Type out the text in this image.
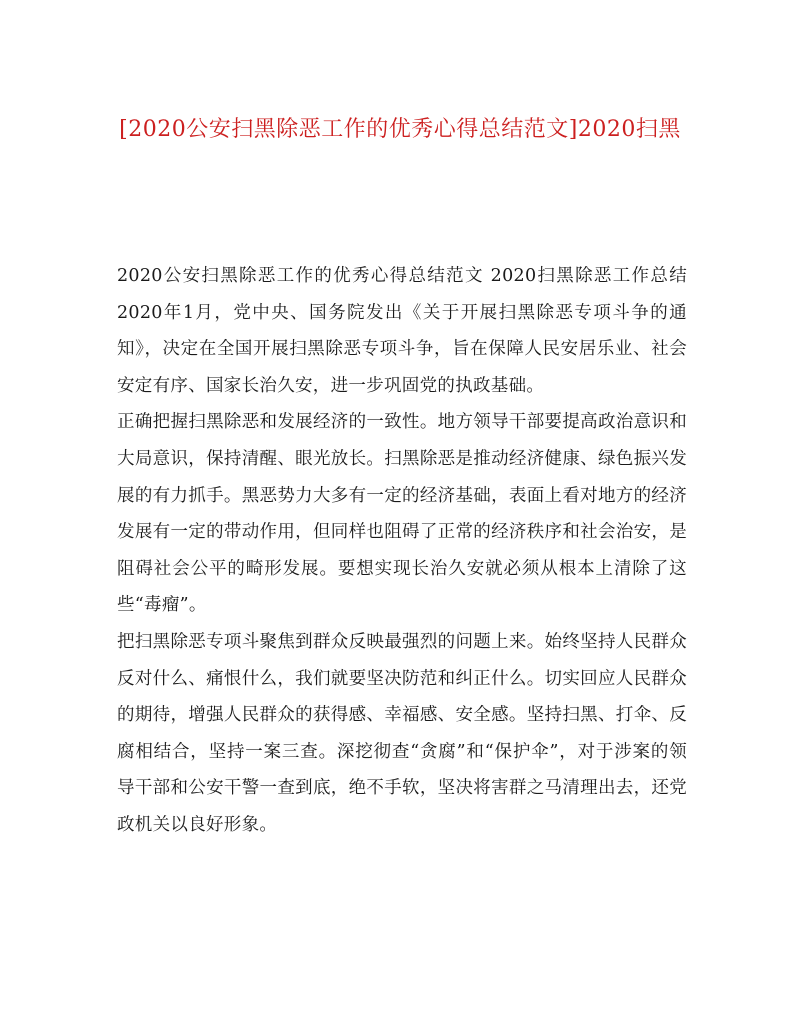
[2020公安扫黑除恶工作的优秀心得总结范文]2020扫黑

2020公安扫黑除恶工作的优秀心得总结范文 2020扫黑除恶工作总结2020年1月，党中央、国务院发出《关于开展扫黑除恶专项斗争的通知》，决定在全国开展扫黑除恶专项斗争，旨在保障人民安居乐业、社会安定有序、国家长治久安，进一步巩固党的执政基础。

正确把握扫黑除恶和发展经济的一致性。地方领导干部要提高政治意识和大局意识，保持清醒、眼光放长。扫黑除恶是推动经济健康、绿色振兴发展的有力抓手。黑恶势力大多有一定的经济基础，表面上看对地方的经济发展有一定的带动作用，但同样也阻碍了正常的经济秩序和社会治安，是阻碍社会公平的畸形发展。要想实现长治久安就必须从根本上清除了这些“毒瘤”。

把扫黑除恶专项斗聚焦到群众反映最强烈的问题上来。始终坚持人民群众反对什么、痛恨什么，我们就要坚决防范和纠正什么。切实回应人民群众的期待，增强人民群众的获得感、幸福感、安全感。坚持扫黑、打伞、反腐相结合，坚持一案三查。深挖彻查“贪腐”和“保护伞”，对于涉案的领导干部和公安干警一查到底，绝不手软，坚决将害群之马清理出去，还党政机关以良好形象。
